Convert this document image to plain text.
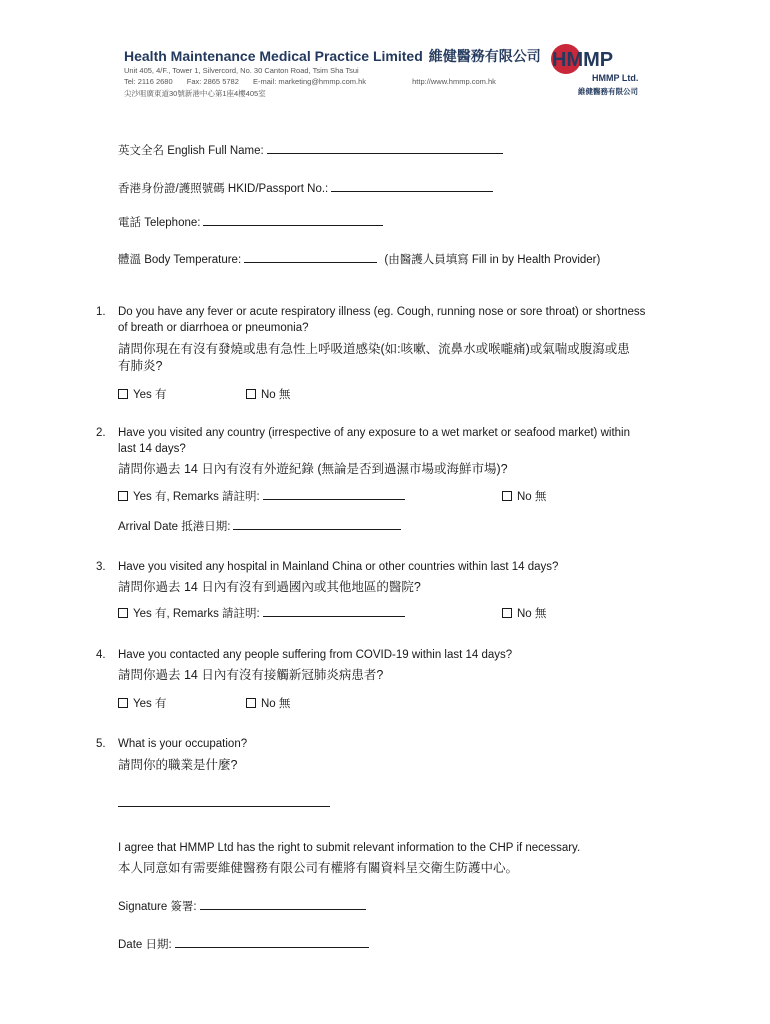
Health Maintenance Medical Practice Limited 維健醫務有限公司
Unit 405, 4/F., Tower 1, Silvercord, No. 30 Canton Road, Tsim Sha Tsui
Tel: 2116 2680 Fax: 2865 5782 E-mail: marketing@hmmp.com.hk	http://www.hmmp.com.hk
尖沙咀廣東道30號新港中心第1座4樓405室
HMMP
HMMP Ltd.
維健醫務有限公司
英文全名 English Full Name:
香港身份證/護照號碼 HKID/Passport No.:
電話 Telephone:
體溫 Body Temperature:	(由醫護人員填寫 Fill in by Health Provider)
1. Do you have any fever or acute respiratory illness (eg. Cough, running nose or sore throat) or shortness
of breath or diarrhoea or pneumonia?
請問你現在有沒有發燒或患有急性上呼吸道感染(如:咳嗽、流鼻水或喉嚨痛)或氣喘或腹瀉或患
有肺炎?
Yes 有	No 無
2. Have you visited any country (irrespective of any exposure to a wet market or seafood market) within
last 14 days?
請問你過去 14 日內有沒有外遊紀錄 (無論是否到過濕市場或海鮮市場)?
Yes 有, Remarks 請註明:	No 無
Arrival Date 抵港日期:
3. Have you visited any hospital in Mainland China or other countries within last 14 days?
請問你過去 14 日內有沒有到過國內或其他地區的醫院?
Yes 有, Remarks 請註明:	No 無
4. Have you contacted any people suffering from COVID-19 within last 14 days?
請問你過去 14 日內有沒有接觸新冠肺炎病患者?
Yes 有	No 無
5. What is your occupation?
請問你的職業是什麼?
I agree that HMMP Ltd has the right to submit relevant information to the CHP if necessary.
本人同意如有需要維健醫務有限公司有權將有關資料呈交衛生防護中心。
Signature 簽署:
Date 日期:
